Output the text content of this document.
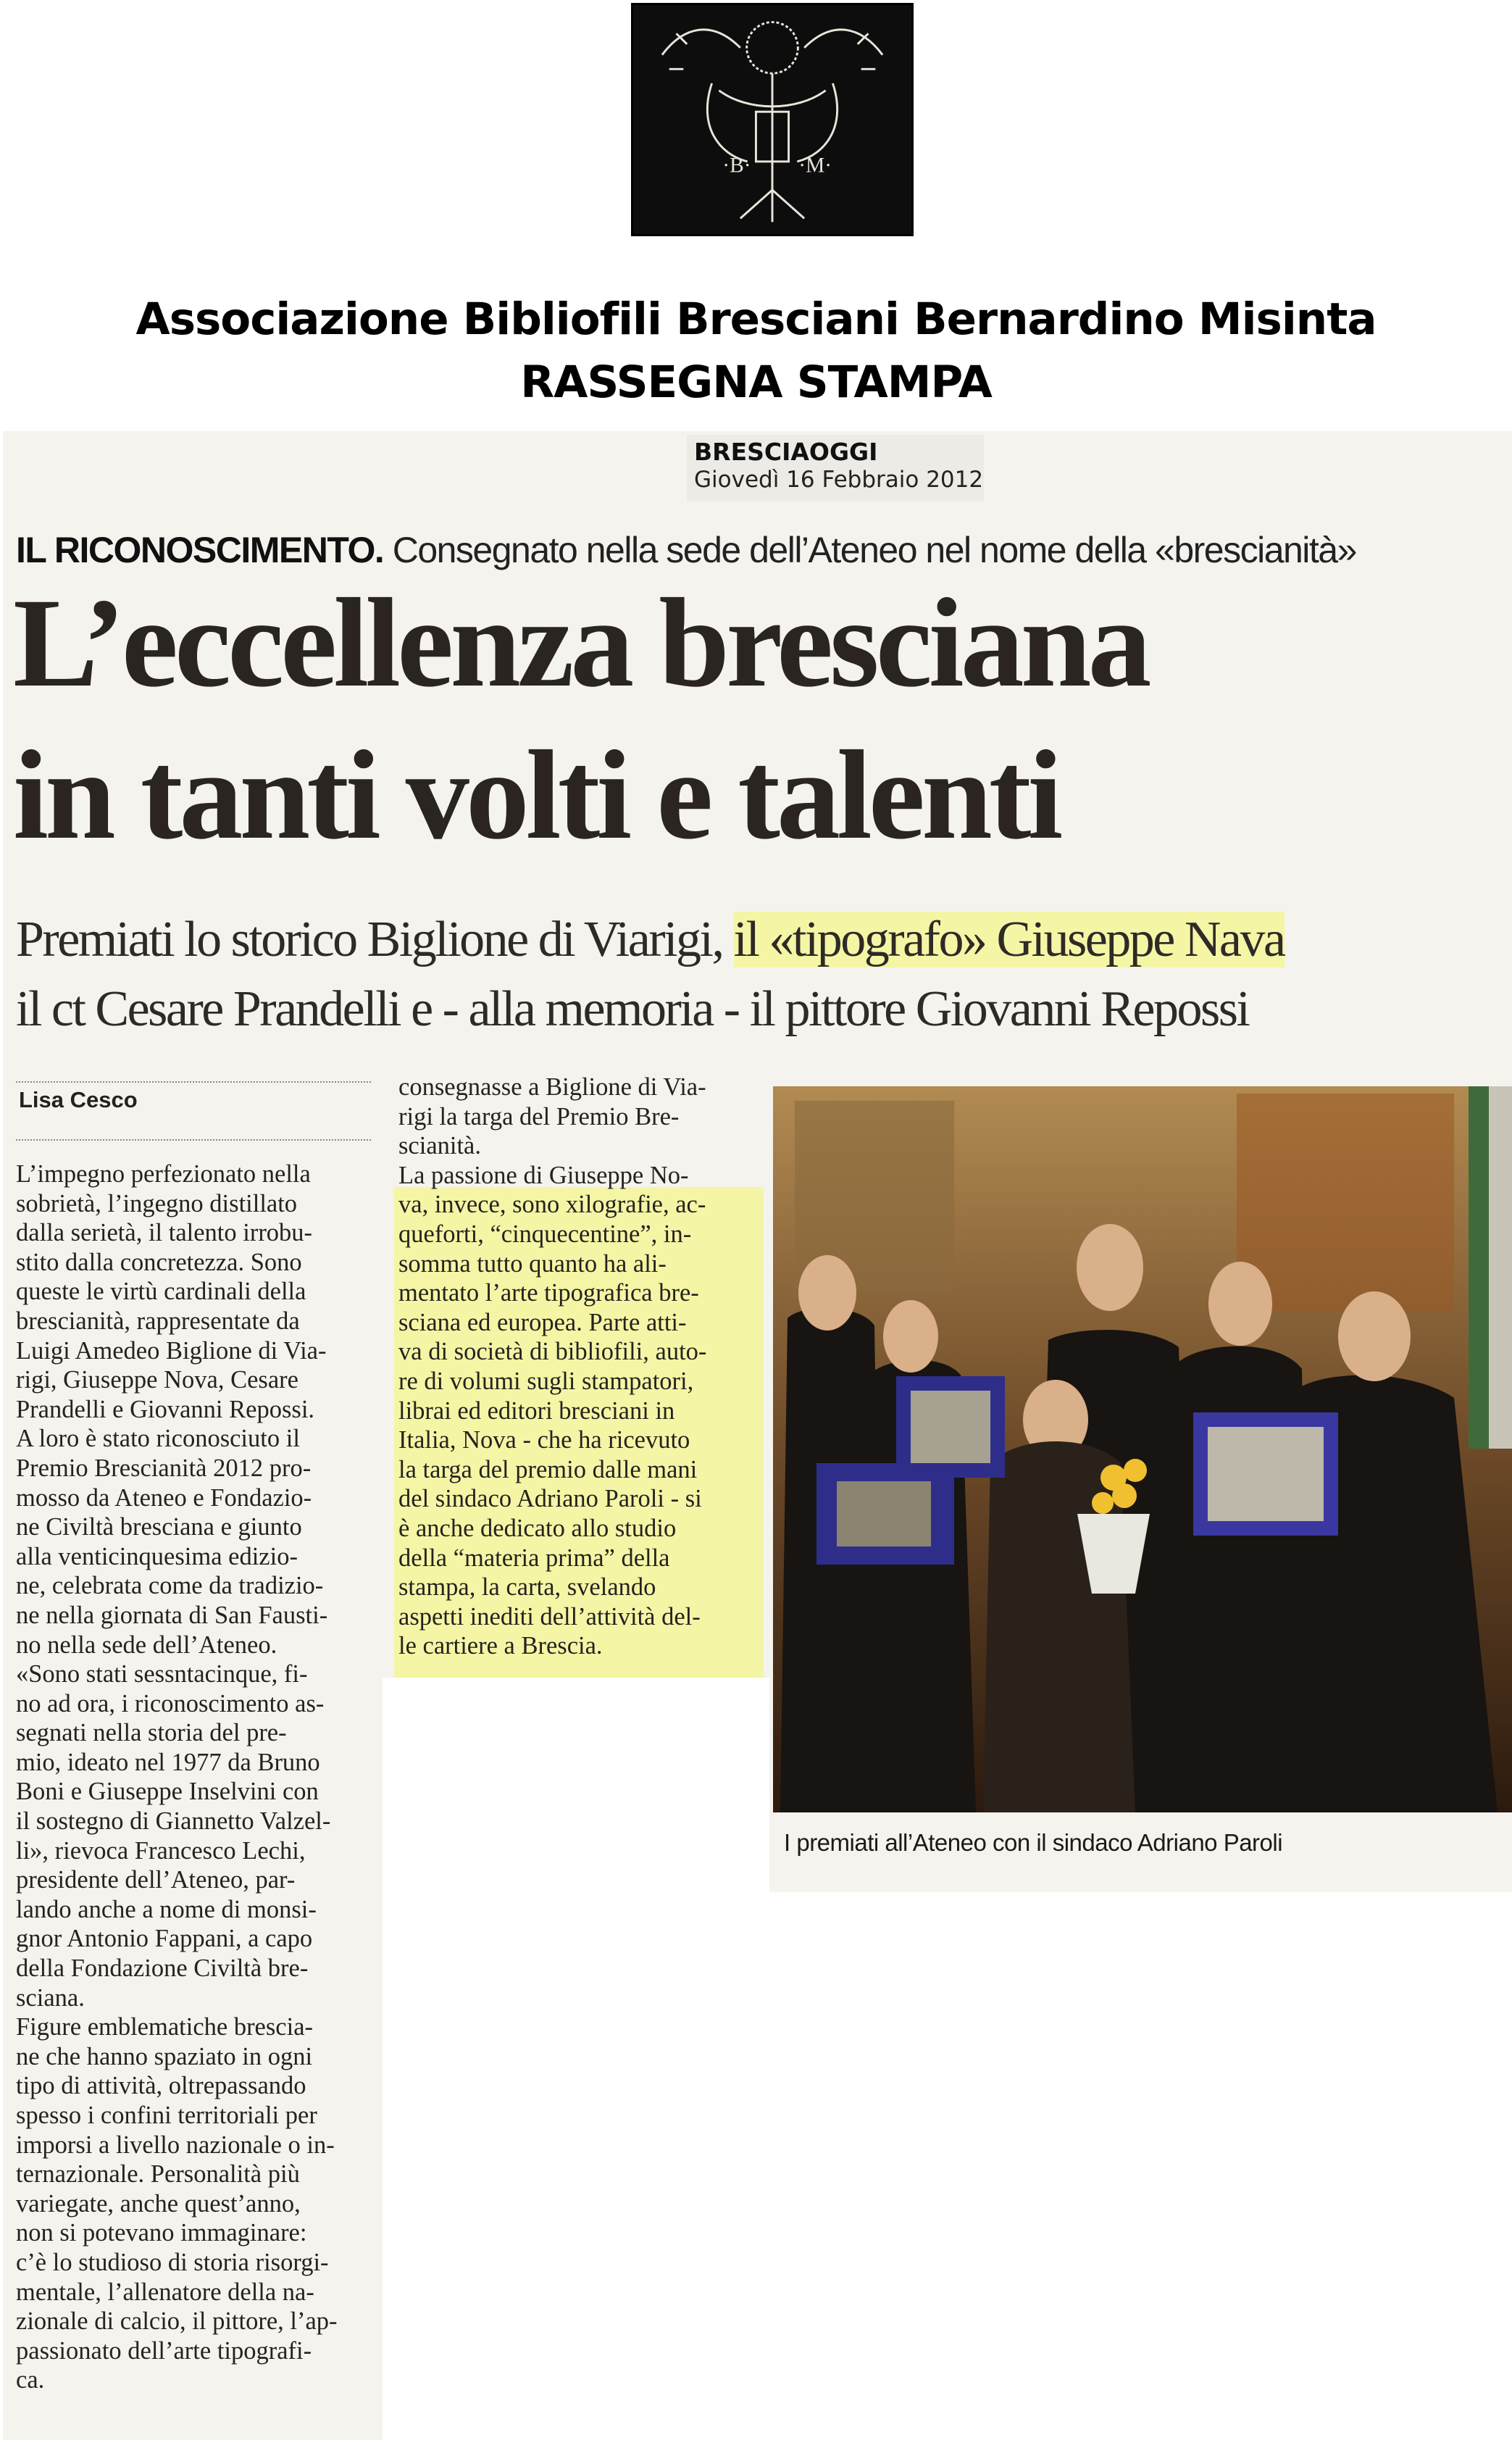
·B· ·M·
Associazione Bibliofili Bresciani Bernardino Misinta
RASSEGNA STAMPA
BRESCIAOGGI
Giovedì 16 Febbraio 2012
IL RICONOSCIMENTO. Consegnato nella sede dell’Ateneo nel nome della «brescianità»
L’eccellenza bresciana
in tanti volti e talenti
Premiati lo storico Biglione di Viarigi, il «tipografo» Giuseppe Nava
il ct Cesare Prandelli e - alla memoria - il pittore Giovanni Repossi
Lisa Cesco
L’impegno perfezionato nella
sobrietà, l’ingegno distillato
dalla serietà, il talento irrobu-
stito dalla concretezza. Sono
queste le virtù cardinali della
brescianità, rappresentate da
Luigi Amedeo Biglione di Via-
rigi, Giuseppe Nova, Cesare
Prandelli e Giovanni Repossi.
A loro è stato riconosciuto il
Premio Brescianità 2012 pro-
mosso da Ateneo e Fondazio-
ne Civiltà bresciana e giunto
alla venticinquesima edizio-
ne, celebrata come da tradizio-
ne nella giornata di San Fausti-
no nella sede dell’Ateneo.
«Sono stati sessntacinque, fi-
no ad ora, i riconoscimento as-
segnati nella storia del pre-
mio, ideato nel 1977 da Bruno
Boni e Giuseppe Inselvini con
il sostegno di Giannetto Valzel-
li», rievoca Francesco Lechi,
presidente dell’Ateneo, par-
lando anche a nome di monsi-
gnor Antonio Fappani, a capo
della Fondazione Civiltà bre-
sciana.
Figure emblematiche brescia-
ne che hanno spaziato in ogni
tipo di attività, oltrepassando
spesso i confini territoriali per
imporsi a livello nazionale o in-
ternazionale. Personalità più
variegate, anche quest’anno,
non si potevano immaginare:
c’è lo studioso di storia risorgi-
mentale, l’allenatore della na-
zionale di calcio, il pittore, l’ap-
passionato dell’arte tipografi-
ca.
consegnasse a Biglione di Via-
rigi la targa del Premio Bre-
scianità.
La passione di Giuseppe No-
va, invece, sono xilografie, ac-
queforti, “cinquecentine”, in-
somma tutto quanto ha ali-
mentato l’arte tipografica bre-
sciana ed europea. Parte atti-
va di società di bibliofili, auto-
re di volumi sugli stampatori,
librai ed editori bresciani in
Italia, Nova - che ha ricevuto
la targa del premio dalle mani
del sindaco Adriano Paroli - si
è anche dedicato allo studio
della “materia prima” della
stampa, la carta, svelando
aspetti inediti dell’attività del-
le cartiere a Brescia.
I premiati all’Ateneo con il sindaco Adriano Paroli
